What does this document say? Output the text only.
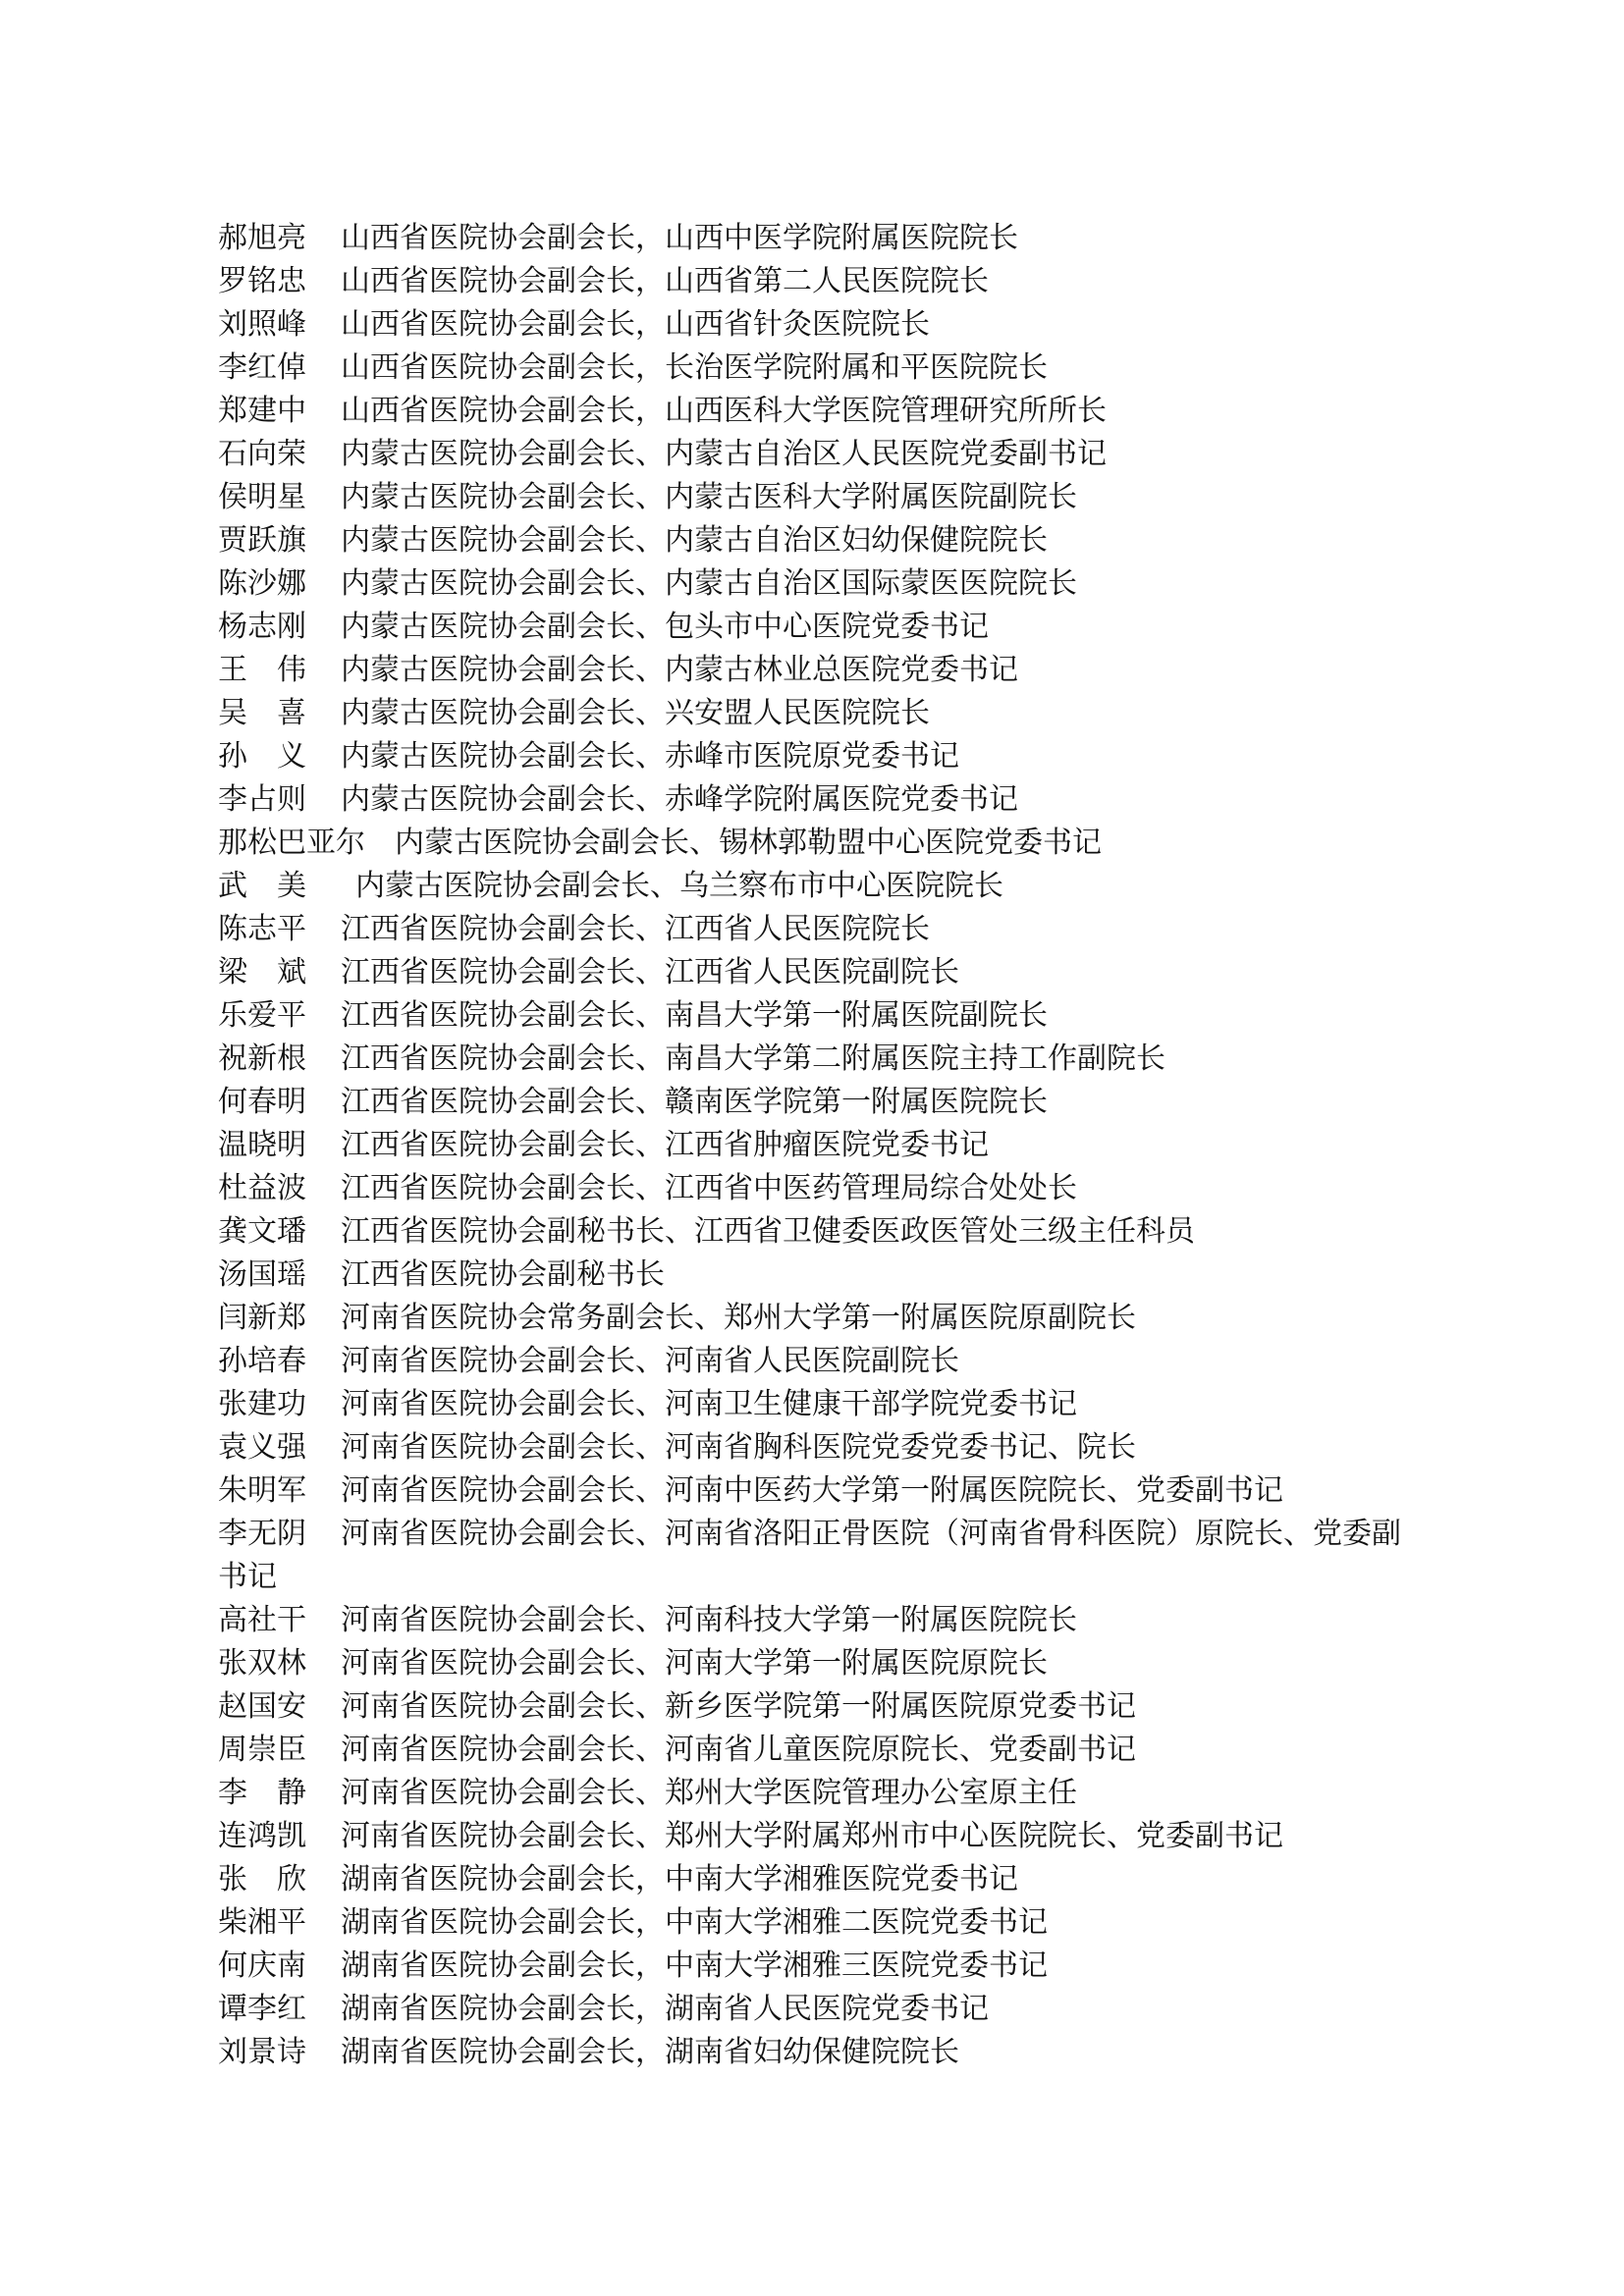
郝旭亮 山西省医院协会副会长，山西中医学院附属医院院长
罗铭忠 山西省医院协会副会长，山西省第二人民医院院长
刘照峰 山西省医院协会副会长，山西省针灸医院院长
李红倬 山西省医院协会副会长，长治医学院附属和平医院院长
郑建中 山西省医院协会副会长，山西医科大学医院管理研究所所长
石向荣 内蒙古医院协会副会长、内蒙古自治区人民医院党委副书记
侯明星 内蒙古医院协会副会长、内蒙古医科大学附属医院副院长
贾跃旗 内蒙古医院协会副会长、内蒙古自治区妇幼保健院院长
陈沙娜 内蒙古医院协会副会长、内蒙古自治区国际蒙医医院院长
杨志刚 内蒙古医院协会副会长、包头市中心医院党委书记
王　伟 内蒙古医院协会副会长、内蒙古林业总医院党委书记
吴　喜 内蒙古医院协会副会长、兴安盟人民医院院长
孙　义 内蒙古医院协会副会长、赤峰市医院原党委书记
李占则 内蒙古医院协会副会长、赤峰学院附属医院党委书记
那松巴亚尔 内蒙古医院协会副会长、锡林郭勒盟中心医院党委书记
武　美 内蒙古医院协会副会长、乌兰察布市中心医院院长
陈志平 江西省医院协会副会长、江西省人民医院院长
梁　斌 江西省医院协会副会长、江西省人民医院副院长
乐爱平 江西省医院协会副会长、南昌大学第一附属医院副院长
祝新根 江西省医院协会副会长、南昌大学第二附属医院主持工作副院长
何春明 江西省医院协会副会长、赣南医学院第一附属医院院长
温晓明 江西省医院协会副会长、江西省肿瘤医院党委书记
杜益波 江西省医院协会副会长、江西省中医药管理局综合处处长
龚文璠 江西省医院协会副秘书长、江西省卫健委医政医管处三级主任科员
汤国瑶 江西省医院协会副秘书长
闫新郑 河南省医院协会常务副会长、郑州大学第一附属医院原副院长
孙培春 河南省医院协会副会长、河南省人民医院副院长
张建功 河南省医院协会副会长、河南卫生健康干部学院党委书记
袁义强 河南省医院协会副会长、河南省胸科医院党委党委书记、院长
朱明军 河南省医院协会副会长、河南中医药大学第一附属医院院长、党委副书记
李无阴 河南省医院协会副会长、河南省洛阳正骨医院（河南省骨科医院）原院长、党委副书记
高社干 河南省医院协会副会长、河南科技大学第一附属医院院长
张双林 河南省医院协会副会长、河南大学第一附属医院原院长
赵国安 河南省医院协会副会长、新乡医学院第一附属医院原党委书记
周崇臣 河南省医院协会副会长、河南省儿童医院原院长、党委副书记
李　静 河南省医院协会副会长、郑州大学医院管理办公室原主任
连鸿凯 河南省医院协会副会长、郑州大学附属郑州市中心医院院长、党委副书记
张　欣 湖南省医院协会副会长，中南大学湘雅医院党委书记
柴湘平 湖南省医院协会副会长，中南大学湘雅二医院党委书记
何庆南 湖南省医院协会副会长，中南大学湘雅三医院党委书记
谭李红 湖南省医院协会副会长，湖南省人民医院党委书记
刘景诗 湖南省医院协会副会长，湖南省妇幼保健院院长
